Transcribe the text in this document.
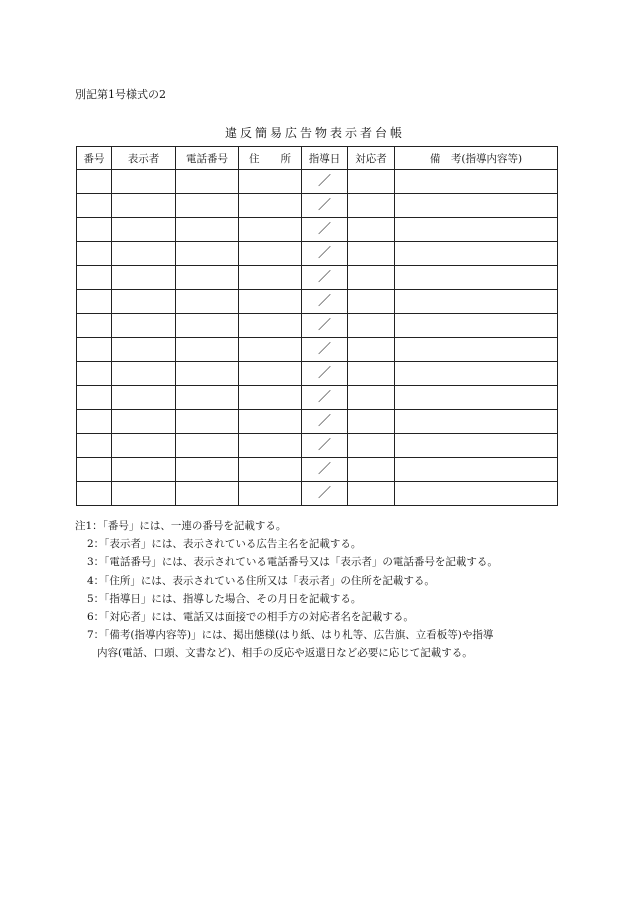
別記第1号様式の2
違反簡易広告物表示者台帳
番号	表示者	電話番号	住　　所	指導日	対応者	備　考(指導内容等)
				／		
				／		
				／		
				／		
				／		
				／		
				／		
				／		
				／		
				／		
				／		
				／		
				／		
				／		
注1：「番号」には、一連の番号を記載する。
2：「表示者」には、表示されている広告主名を記載する。
3：「電話番号」には、表示されている電話番号又は「表示者」の電話番号を記載する。
4：「住所」には、表示されている住所又は「表示者」の住所を記載する。
5：「指導日」には、指導した場合、その月日を記載する。
6：「対応者」には、電話又は面接での相手方の対応者名を記載する。
7：「備考(指導内容等)」には、掲出態様(はり紙、はり札等、広告旗、立看板等)や指導
内容(電話、口頭、文書など)、相手の反応や返還日など必要に応じて記載する。
